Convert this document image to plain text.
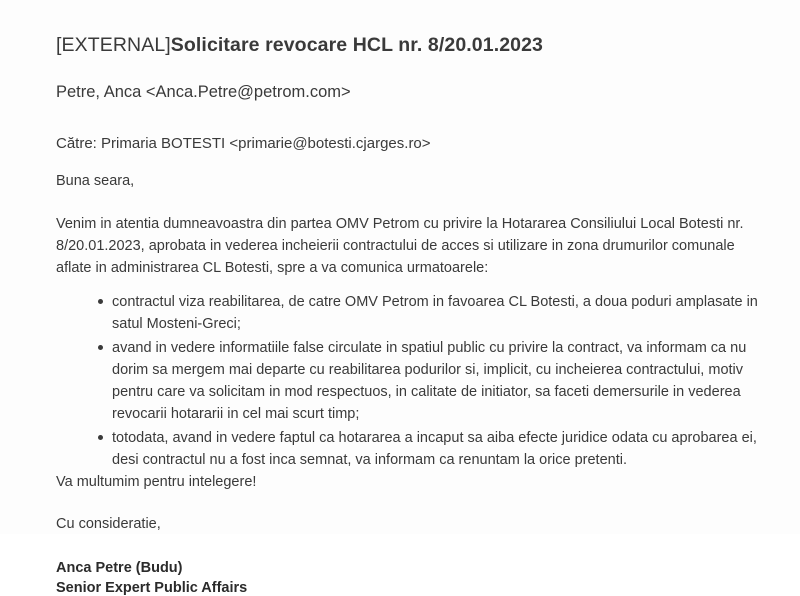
[EXTERNAL]Solicitare revocare HCL nr. 8/20.01.2023
Petre, Anca <Anca.Petre@petrom.com>
Către: Primaria BOTESTI <primarie@botesti.cjarges.ro>
Buna seara,

Venim in atentia dumneavoastra din partea OMV Petrom cu privire la Hotararea Consiliului Local Botesti nr. 8/20.01.2023, aprobata in vederea incheierii contractului de acces si utilizare in zona drumurilor comunale aflate in administrarea CL Botesti, spre a va comunica urmatoarele:

contractul viza reabilitarea, de catre OMV Petrom in favoarea CL Botesti, a doua poduri amplasate in satul Mosteni-Greci;
avand in vedere informatiile false circulate in spatiul public cu privire la contract, va informam ca nu dorim sa mergem mai departe cu reabilitarea podurilor si, implicit, cu incheierea contractului, motiv pentru care va solicitam in mod respectuos, in calitate de initiator, sa faceti demersurile in vederea revocarii hotararii in cel mai scurt timp;
totodata, avand in vedere faptul ca hotararea a incaput sa aiba efecte juridice odata cu aprobarea ei, desi contractul nu a fost inca semnat, va informam ca renuntam la orice pretenti.
Va multumim pentru intelegere!
Cu consideratie,
Anca Petre (Budu)
Senior Expert Public Affairs
